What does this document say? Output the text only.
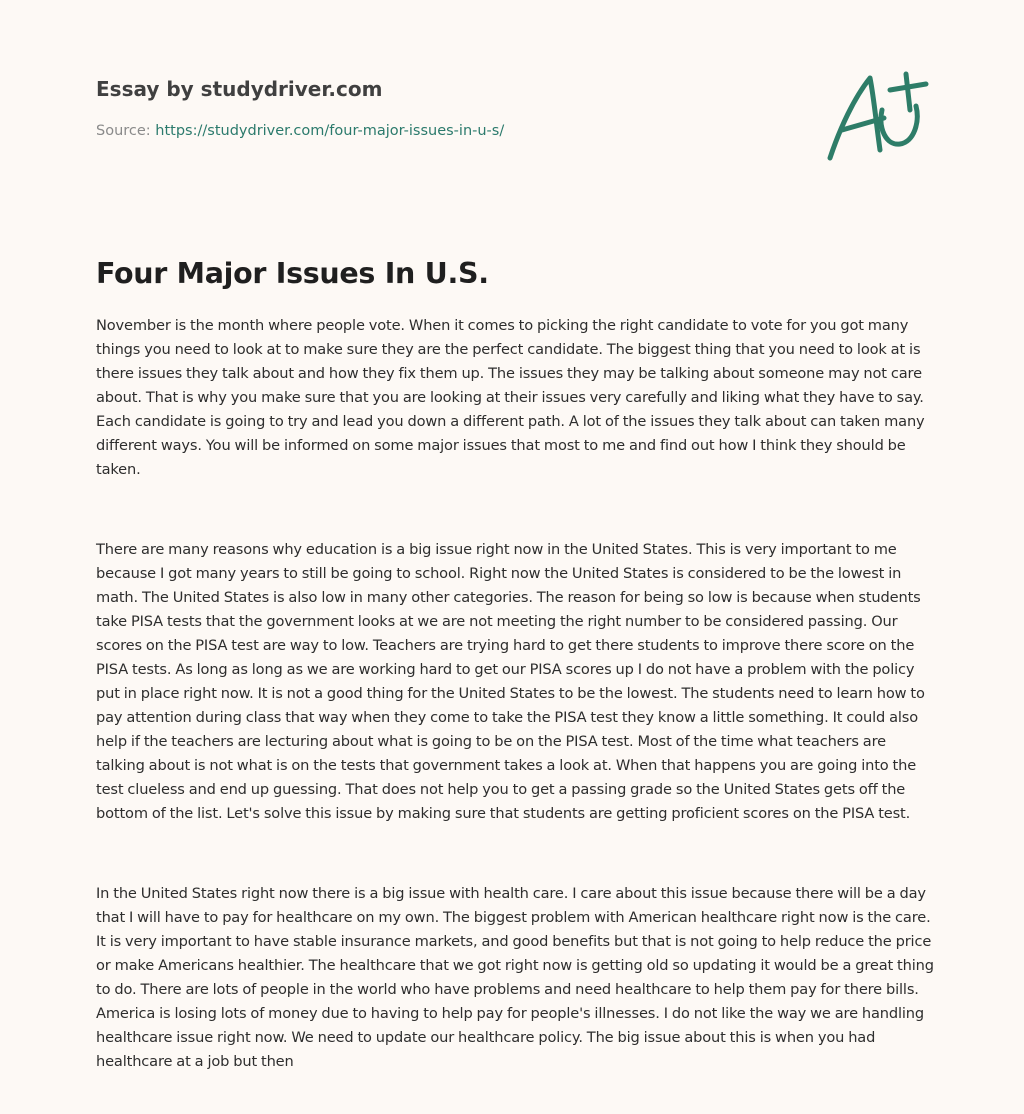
Essay by studydriver.com
Source: https://studydriver.com/four-major-issues-in-u-s/
Four Major Issues In U.S.

November is the month where people vote. When it comes to picking the right candidate to vote for you got many things you need to look at to make sure they are the perfect candidate. The biggest thing that you need to look at is there issues they talk about and how they fix them up. The issues they may be talking about someone may not care about. That is why you make sure that you are looking at their issues very carefully and liking what they have to say. Each candidate is going to try and lead you down a different path. A lot of the issues they talk about can taken many different ways. You will be informed on some major issues that most to me and find out how I think they should be taken.

There are many reasons why education is a big issue right now in the United States. This is very important to me because I got many years to still be going to school. Right now the United States is considered to be the lowest in math. The United States is also low in many other categories. The reason for being so low is because when students take PISA tests that the government looks at we are not meeting the right number to be considered passing. Our scores on the PISA test are way to low. Teachers are trying hard to get there students to improve there score on the PISA tests. As long as long as we are working hard to get our PISA scores up I do not have a problem with the policy put in place right now. It is not a good thing for the United States to be the lowest. The students need to learn how to pay attention during class that way when they come to take the PISA test they know a little something. It could also help if the teachers are lecturing about what is going to be on the PISA test. Most of the time what teachers are talking about is not what is on the tests that government takes a look at. When that happens you are going into the test clueless and end up guessing. That does not help you to get a passing grade so the United States gets off the bottom of the list. Let's solve this issue by making sure that students are getting proficient scores on the PISA test.

In the United States right now there is a big issue with health care. I care about this issue because there will be a day that I will have to pay for healthcare on my own. The biggest problem with American healthcare right now is the care. It is very important to have stable insurance markets, and good benefits but that is not going to help reduce the price or make Americans healthier. The healthcare that we got right now is getting old so updating it would be a great thing to do. There are lots of people in the world who have problems and need healthcare to help them pay for there bills. America is losing lots of money due to having to help pay for people's illnesses. I do not like the way we are handling healthcare issue right now. We need to update our healthcare policy. The big issue about this is when you had healthcare at a job but then
